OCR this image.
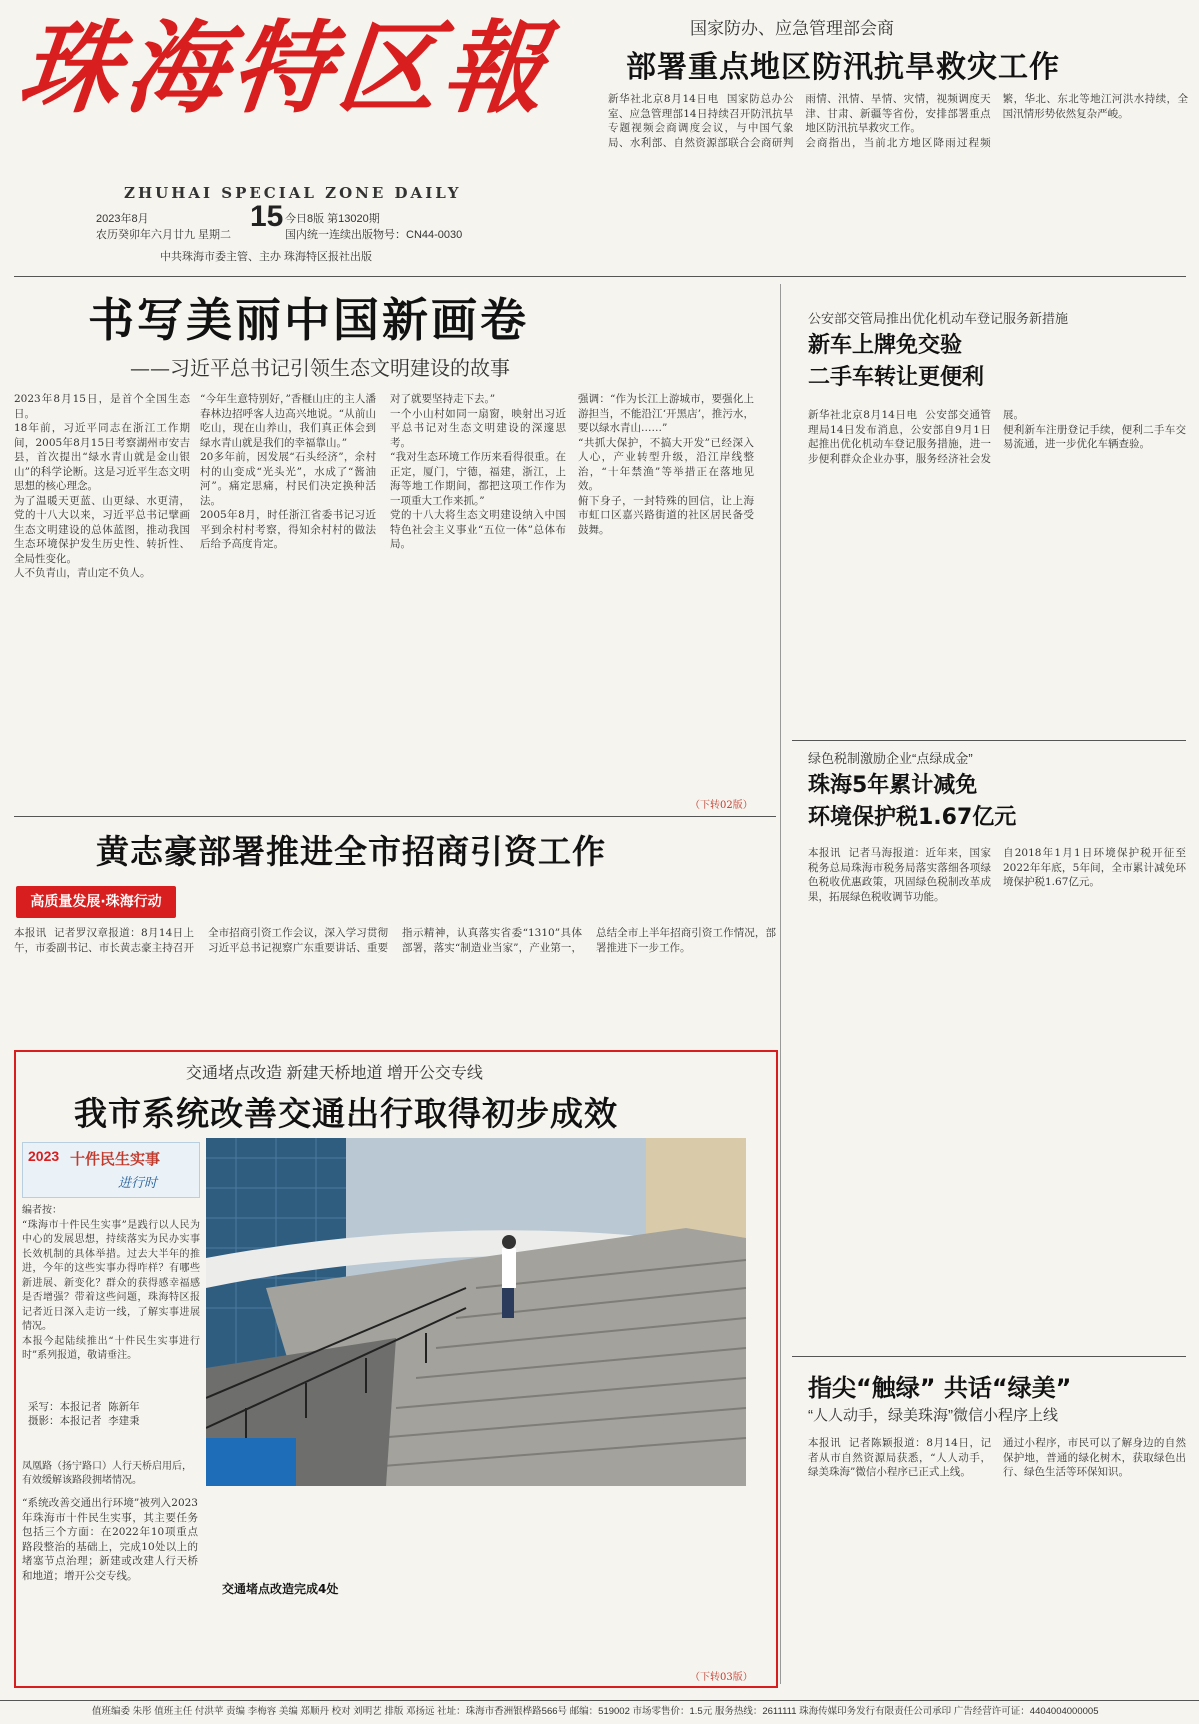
珠海特区報
ZHUHAI SPECIAL ZONE DAILY
2023年8月	15
农历癸卯年六月廿九 星期二
今日8版 第13020期
国内统一连续出版物号：CN44-0030
中共珠海市委主管、主办 珠海特区报社出版
国家防办、应急管理部会商
部署重点地区防汛抗旱救灾工作
新华社北京8月14日电  国家防总办公室、应急管理部14日持续召开防汛抗旱专题视频会商调度会议，与中国气象局、水利部、自然资源部联合会商研判雨情、汛情、旱情、灾情，视频调度天津、甘肃、新疆等省份，安排部署重点地区防汛抗旱救灾工作。
会商指出，当前北方地区降雨过程频繁，华北、东北等地江河洪水持续，全国汛情形势依然复杂严峻。
书写美丽中国新画卷
——习近平总书记引领生态文明建设的故事
2023年8月15日，是首个全国生态日。
18年前，习近平同志在浙江工作期间，2005年8月15日考察湖州市安吉县，首次提出“绿水青山就是金山银山”的科学论断。这是习近平生态文明思想的核心理念。
为了温暖天更蓝、山更绿、水更清，党的十八大以来，习近平总书记擘画生态文明建设的总体蓝图，推动我国生态环境保护发生历史性、转折性、全局性变化。
人不负青山，青山定不负人。
“今年生意特别好，”香榧山庄的主人潘春林边招呼客人边高兴地说。“从前山吃山，现在山养山，我们真正体会到绿水青山就是我们的幸福靠山。”
20多年前，因发展“石头经济”，余村村的山变成“光头光”，水成了“酱油河”。痛定思痛，村民们决定换种活法。
2005年8月，时任浙江省委书记习近平到余村村考察，得知余村村的做法后给予高度肯定。
对了就要坚持走下去。”
一个小山村如同一扇窗，映射出习近平总书记对生态文明建设的深邃思考。
“我对生态环境工作历来看得很重。在正定，厦门，宁德，福建，浙江，上海等地工作期间，都把这项工作作为一项重大工作来抓。”
党的十八大将生态文明建设纳入中国特色社会主义事业“五位一体”总体布局。
强调：“作为长江上游城市，要强化上游担当，不能沿江‘开黑店’，推污水，要以绿水青山……”
“共抓大保护，不搞大开发”已经深入人心，产业转型升级，沿江岸线整治，“十年禁渔”等举措正在落地见效。
俯下身子，一封特殊的回信，让上海市虹口区嘉兴路街道的社区居民备受鼓舞。
（下转02版）
公安部交管局推出优化机动车登记服务新措施
新车上牌免交验
二手车转让更便利
新华社北京8月14日电  公安部交通管理局14日发布消息，公安部自9月1日起推出优化机动车登记服务措施，进一步便利群众企业办事，服务经济社会发展。
便利新车注册登记手续，便利二手车交易流通，进一步优化车辆查验。
绿色税制激励企业“点绿成金”
珠海5年累计减免
环境保护税1.67亿元
本报讯  记者马海报道：近年来，国家税务总局珠海市税务局落实落细各项绿色税收优惠政策，巩固绿色税制改革成果，拓展绿色税收调节功能。
自2018年1月1日环境保护税开征至2022年年底，5年间，全市累计减免环境保护税1.67亿元。
黄志豪部署推进全市招商引资工作
高质量发展·珠海行动
本报讯  记者罗汉章报道：8月14日上午，市委副书记、市长黄志豪主持召开全市招商引资工作会议，深入学习贯彻习近平总书记视察广东重要讲话、重要指示精神，认真落实省委“1310”具体部署，落实“制造业当家”，产业第一，总结全市上半年招商引资工作情况，部署推进下一步工作。
交通堵点改造 新建天桥地道 增开公交专线
我市系统改善交通出行取得初步成效
2023 十件民生实事
进行时
编者按：
“珠海市十件民生实事”是践行以人民为中心的发展思想，持续落实为民办实事长效机制的具体举措。过去大半年的推进，今年的这些实事办得咋样？有哪些新进展、新变化？群众的获得感幸福感是否增强？带着这些问题，珠海特区报记者近日深入走访一线，了解实事进展情况。
本报今起陆续推出“十件民生实事进行时”系列报道，敬请垂注。
采写：本报记者  陈新年
摄影：本报记者  李建秉
凤凰路（扬宁路口）人行天桥启用后，有效缓解该路段拥堵情况。
“系统改善交通出行环境”被列入2023年珠海市十件民生实事，其主要任务包括三个方面：在2022年10项重点路段整治的基础上，完成10处以上的堵塞节点治理；新建或改建人行天桥和地道；增开公交专线。
交通堵点改造完成4处
（下转03版）
指尖“触绿” 共话“绿美”
“人人动手，绿美珠海”微信小程序上线
本报讯  记者陈颖报道：8月14日，记者从市自然资源局获悉，“人人动手，绿美珠海”微信小程序已正式上线。
通过小程序，市民可以了解身边的自然保护地，普通的绿化树木，获取绿色出行、绿色生活等环保知识。
值班编委 朱彤 值班主任 付洪苹 责编 李梅容 美编 郑顺丹 校对 刘明艺 排版 邓扬远 社址：珠海市香洲银桦路566号 邮编：519002 市场零售价：1.5元 服务热线：2611111 珠海传媒印务发行有限责任公司承印 广告经营许可证：4404004000005
